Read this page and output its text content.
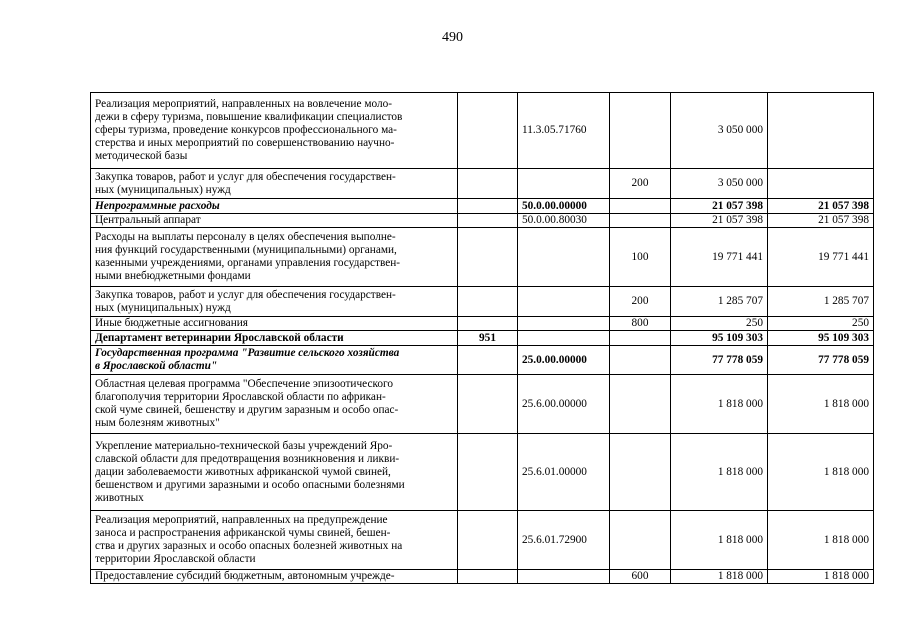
490
Реализация мероприятий, направленных на вовлечение моло-
дежи в сферу туризма, повышение квалификации специалистов
сферы туризма, проведение конкурсов профессионального ма-
стерства и иных мероприятий по совершенствованию научно-
методической базы		11.3.05.71760		3 050 000	
Закупка товаров, работ и услуг для обеспечения государствен-
ных (муниципальных) нужд			200	3 050 000	
Непрограммные расходы		50.0.00.00000		21 057 398	21 057 398
Центральный аппарат		50.0.00.80030		21 057 398	21 057 398
Расходы на выплаты персоналу в целях обеспечения выполне-
ния функций государственными (муниципальными) органами,
казенными учреждениями, органами управления государствен-
ными внебюджетными фондами			100	19 771 441	19 771 441
Закупка товаров, работ и услуг для обеспечения государствен-
ных (муниципальных) нужд			200	1 285 707	1 285 707
Иные бюджетные ассигнования			800	250	250
Департамент ветеринарии Ярославской области	951			95 109 303	95 109 303
Государственная программа "Развитие сельского хозяйства
в Ярославской области"		25.0.00.00000		77 778 059	77 778 059
Областная целевая программа "Обеспечение эпизоотического
благополучия территории Ярославской области по африкан-
ской чуме свиней, бешенству и другим заразным и особо опас-
ным болезням животных"		25.6.00.00000		1 818 000	1 818 000
Укрепление материально-технической базы учреждений Яро-
славской области для предотвращения возникновения и ликви-
дации заболеваемости животных африканской чумой свиней,
бешенством и другими заразными и особо опасными болезнями
животных		25.6.01.00000		1 818 000	1 818 000
Реализация мероприятий, направленных на предупреждение
заноса и распространения африканской чумы свиней, бешен-
ства и других заразных и особо опасных болезней животных на
территории Ярославской области		25.6.01.72900		1 818 000	1 818 000
Предоставление субсидий бюджетным, автономным учрежде-			600	1 818 000	1 818 000
